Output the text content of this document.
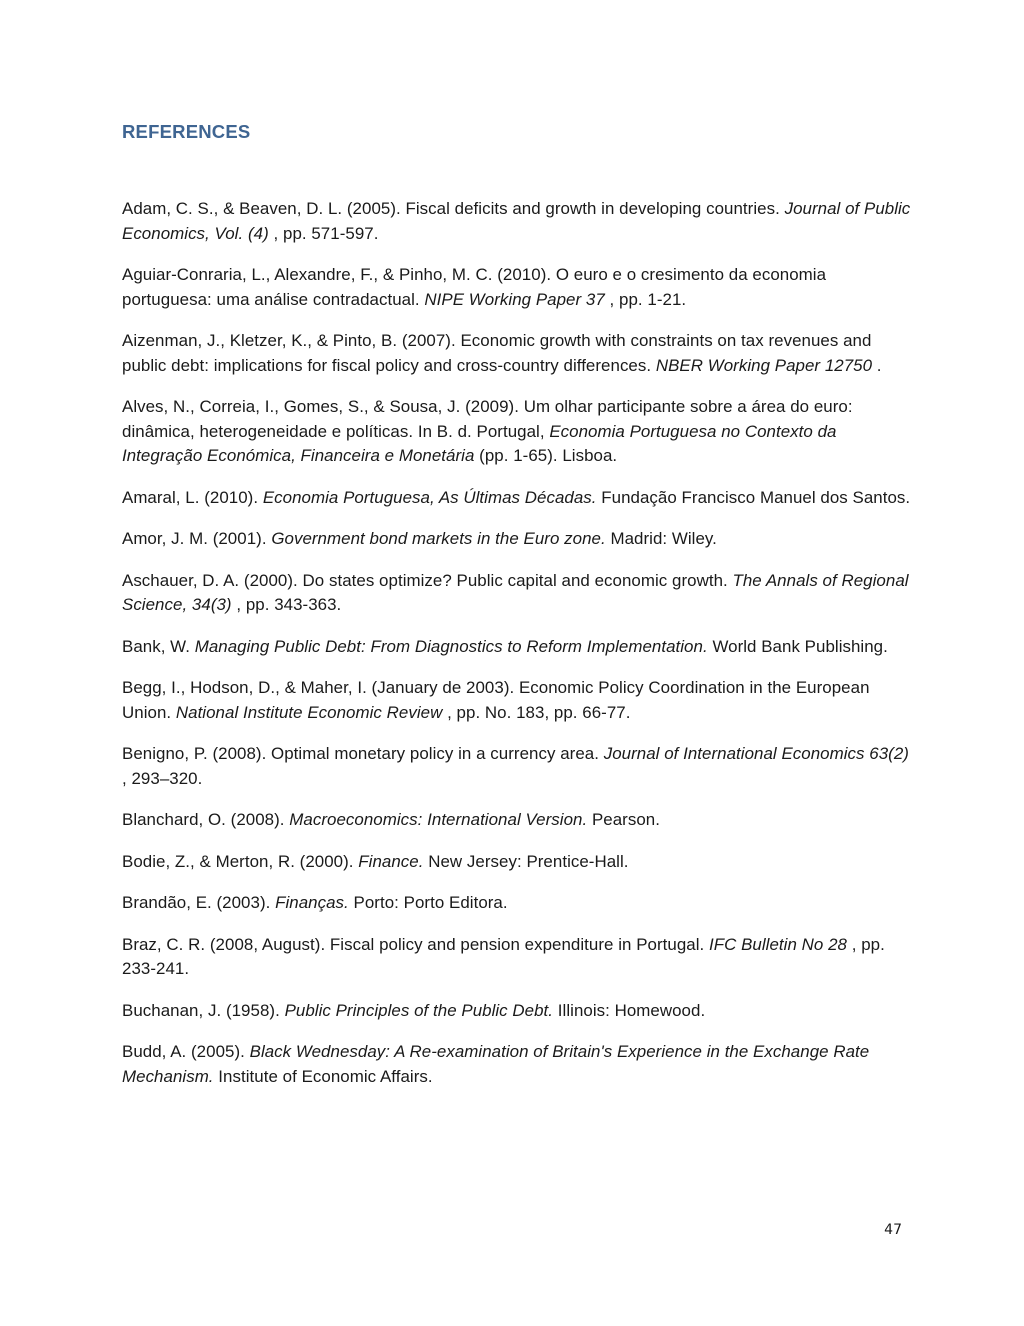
REFERENCES

Adam, C. S., & Beaven, D. L. (2005). Fiscal deficits and growth in developing countries. Journal of Public Economics, Vol. (4) , pp. 571-597.

Aguiar-Conraria, L., Alexandre, F., & Pinho, M. C. (2010). O euro e o cresimento da economia portuguesa: uma análise contradactual. NIPE Working Paper 37 , pp. 1-21.

Aizenman, J., Kletzer, K., & Pinto, B. (2007). Economic growth with constraints on tax revenues and public debt: implications for fiscal policy and cross-country differences. NBER Working Paper 12750 .

Alves, N., Correia, I., Gomes, S., & Sousa, J. (2009). Um olhar participante sobre a área do euro: dinâmica, heterogeneidade e políticas. In B. d. Portugal, Economia Portuguesa no Contexto da Integração Económica, Financeira e Monetária (pp. 1-65). Lisboa.

Amaral, L. (2010). Economia Portuguesa, As Últimas Décadas. Fundação Francisco Manuel dos Santos.

Amor, J. M. (2001). Government bond markets in the Euro zone. Madrid: Wiley.

Aschauer, D. A. (2000). Do states optimize? Public capital and economic growth. The Annals of Regional Science, 34(3) , pp. 343-363.

Bank, W. Managing Public Debt: From Diagnostics to Reform Implementation. World Bank Publishing.

Begg, I., Hodson, D., & Maher, I. (January de 2003). Economic Policy Coordination in the European Union. National Institute Economic Review , pp. No. 183, pp. 66-77.

Benigno, P. (2008). Optimal monetary policy in a currency area. Journal of International Economics 63(2) , 293–320.

Blanchard, O. (2008). Macroeconomics: International Version. Pearson.

Bodie, Z., & Merton, R. (2000). Finance. New Jersey: Prentice-Hall.

Brandão, E. (2003). Finanças. Porto: Porto Editora.

Braz, C. R. (2008, August). Fiscal policy and pension expenditure in Portugal. IFC Bulletin No 28 , pp. 233-241.

Buchanan, J. (1958). Public Principles of the Public Debt. Illinois: Homewood.

Budd, A. (2005). Black Wednesday: A Re-examination of Britain's Experience in the Exchange Rate Mechanism. Institute of Economic Affairs.

47
